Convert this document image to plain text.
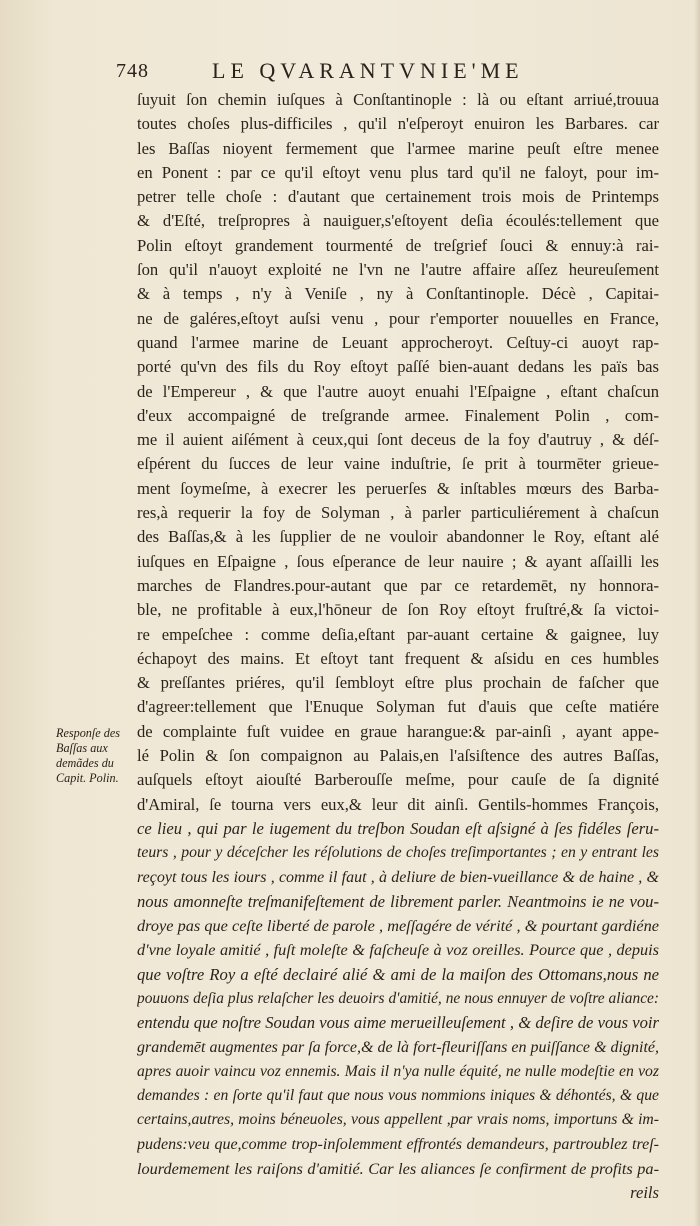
748	LE QVARANTVNIE'ME
Responſe des
Baſſas aux
demãdes du
Capit. Polin.
ſuyuit ſon chemin iuſques à Conſtantinople : là ou eſtant arriué,trouua
toutes choſes plus-difficiles , qu'il n'eſperoyt enuiron les Barbares. car
les Baſſas nioyent fermement que l'armee marine peuſt eſtre menee
en Ponent : par ce qu'il eſtoyt venu plus tard qu'il ne faloyt, pour im-
petrer telle choſe : d'autant que certainement trois mois de Printemps
& d'Eſté, treſpropres à nauiguer,s'eſtoyent deſia écoulés:tellement que
Polin eſtoyt grandement tourmenté de treſgrief ſouci & ennuy:à rai-
ſon qu'il n'auoyt exploité ne l'vn ne l'autre affaire aſſez heureuſement
& à temps , n'y à Veniſe , ny à Conſtantinople. Décè , Capitai-
ne de galéres,eſtoyt auſsi venu , pour r'emporter nouuelles en France,
quand l'armee marine de Leuant approcheroyt. Ceſtuy-ci auoyt rap-
porté qu'vn des fils du Roy eſtoyt paſſé bien-auant dedans les païs bas
de l'Empereur , & que l'autre auoyt enuahi l'Eſpaigne , eſtant chaſcun
d'eux accompaigné de treſgrande armee. Finalement Polin , com-
me il auient aiſément à ceux,qui ſont deceus de la foy d'autruy , & déſ-
eſpérent du ſucces de leur vaine induſtrie, ſe prit à tourmēter grieue-
ment ſoymeſme, à execrer les peruerſes & inſtables mœurs des Barba-
res,à requerir la foy de Solyman , à parler particuliérement à chaſcun
des Baſſas,& à les ſupplier de ne vouloir abandonner le Roy, eſtant alé
iuſques en Eſpaigne , ſous eſperance de leur nauire ; & ayant aſſailli les
marches de Flandres.pour-autant que par ce retardemēt, ny honnora-
ble, ne profitable à eux,l'hōneur de ſon Roy eſtoyt fruſtré,& ſa victoi-
re empeſchee : comme deſia,eſtant par-auant certaine & gaignee, luy
échapoyt des mains. Et eſtoyt tant frequent & aſsidu en ces humbles
& preſſantes priéres, qu'il ſembloyt eſtre plus prochain de faſcher que
d'agreer:tellement que l'Enuque Solyman fut d'auis que ceſte matiére
de complainte fuſt vuidee en graue harangue:& par-ainſi , ayant appe-
lé Polin & ſon compaignon au Palais,en l'aſsiſtence des autres Baſſas,
auſquels eſtoyt aiouſté Barberouſſe meſme, pour cauſe de ſa dignité
d'Amiral, ſe tourna vers eux,& leur dit ainſi. Gentils-hommes François,
ce lieu , qui par le iugement du treſbon Soudan eſt aſsigné à ſes fidéles ſeru-
teurs , pour y déceſcher les réſolutions de choſes treſimportantes ; en y entrant les
reçoyt tous les iours , comme il faut , à deliure de bien-vueillance & de haine , &
nous amonneſte treſmanifeſtement de librement parler. Neantmoins ie ne vou-
droye pas que ceſte liberté de parole , meſſagére de vérité , & pourtant gardiéne
d'vne loyale amitié , fuſt moleſte & faſcheuſe à voz oreilles. Pource que , depuis
que voſtre Roy a eſté declairé alié & ami de la maiſon des Ottomans,nous ne
pouuons deſia plus relaſcher les deuoirs d'amitié, ne nous ennuyer de voſtre aliance:
entendu que noſtre Soudan vous aime merueilleuſement , & deſire de vous voir
grandemēt augmentes par ſa force,& de là fort-fleuriſſans en puiſſance & dignité,
apres auoir vaincu voz ennemis. Mais il n'ya nulle équité, ne nulle modeſtie en voz
demandes : en ſorte qu'il faut que nous vous nommions iniques & déhontés, & que
certains,autres, moins béneuoles, vous appellent ,par vrais noms, importuns & im-
pudens:veu que,comme trop-inſolemment effrontés demandeurs, partroublez treſ-
lourdemement les raiſons d'amitié. Car les aliances ſe confirment de profits pa-
reils
